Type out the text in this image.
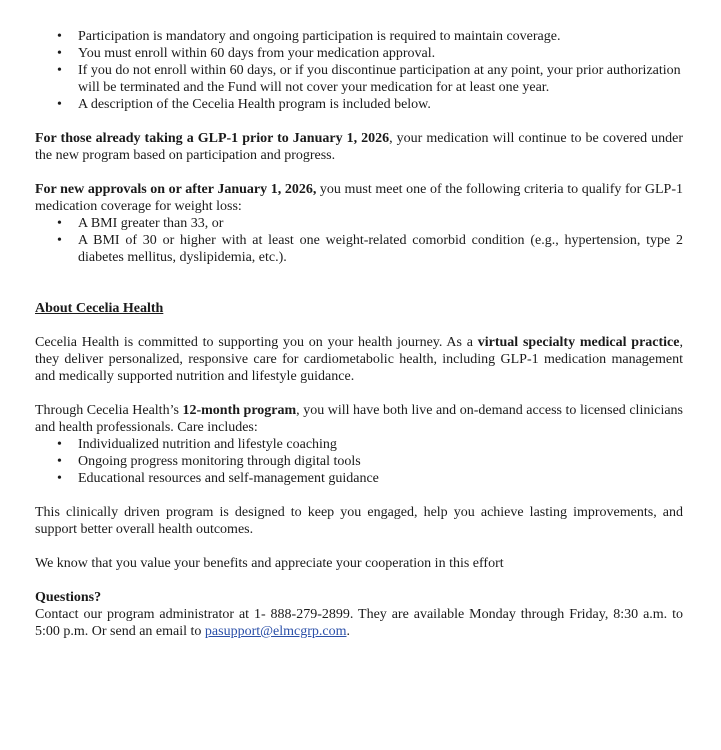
• Participation is mandatory and ongoing participation is required to maintain coverage.
• You must enroll within 60 days from your medication approval.
• If you do not enroll within 60 days, or if you discontinue participation at any point, your prior authorization will be terminated and the Fund will not cover your medication for at least one year.
• A description of the Cecelia Health program is included below.

For those already taking a GLP-1 prior to January 1, 2026, your medication will continue to be covered under the new program based on participation and progress.

For new approvals on or after January 1, 2026, you must meet one of the following criteria to qualify for GLP-1 medication coverage for weight loss:

• A BMI greater than 33, or
• A BMI of 30 or higher with at least one weight-related comorbid condition (e.g., hypertension, type 2 diabetes mellitus, dyslipidemia, etc.).

About Cecelia Health

Cecelia Health is committed to supporting you on your health journey. As a virtual specialty medical practice, they deliver personalized, responsive care for cardiometabolic health, including GLP-1 medication management and medically supported nutrition and lifestyle guidance.

Through Cecelia Health’s 12-month program, you will have both live and on-demand access to licensed clinicians and health professionals. Care includes:

• Individualized nutrition and lifestyle coaching
• Ongoing progress monitoring through digital tools
• Educational resources and self-management guidance

This clinically driven program is designed to keep you engaged, help you achieve lasting improvements, and support better overall health outcomes.

We know that you value your benefits and appreciate your cooperation in this effort

Questions?

Contact our program administrator at 1- 888-279-2899. They are available Monday through Friday, 8:30 a.m. to 5:00 p.m. Or send an email to pasupport@elmcgrp.com.
